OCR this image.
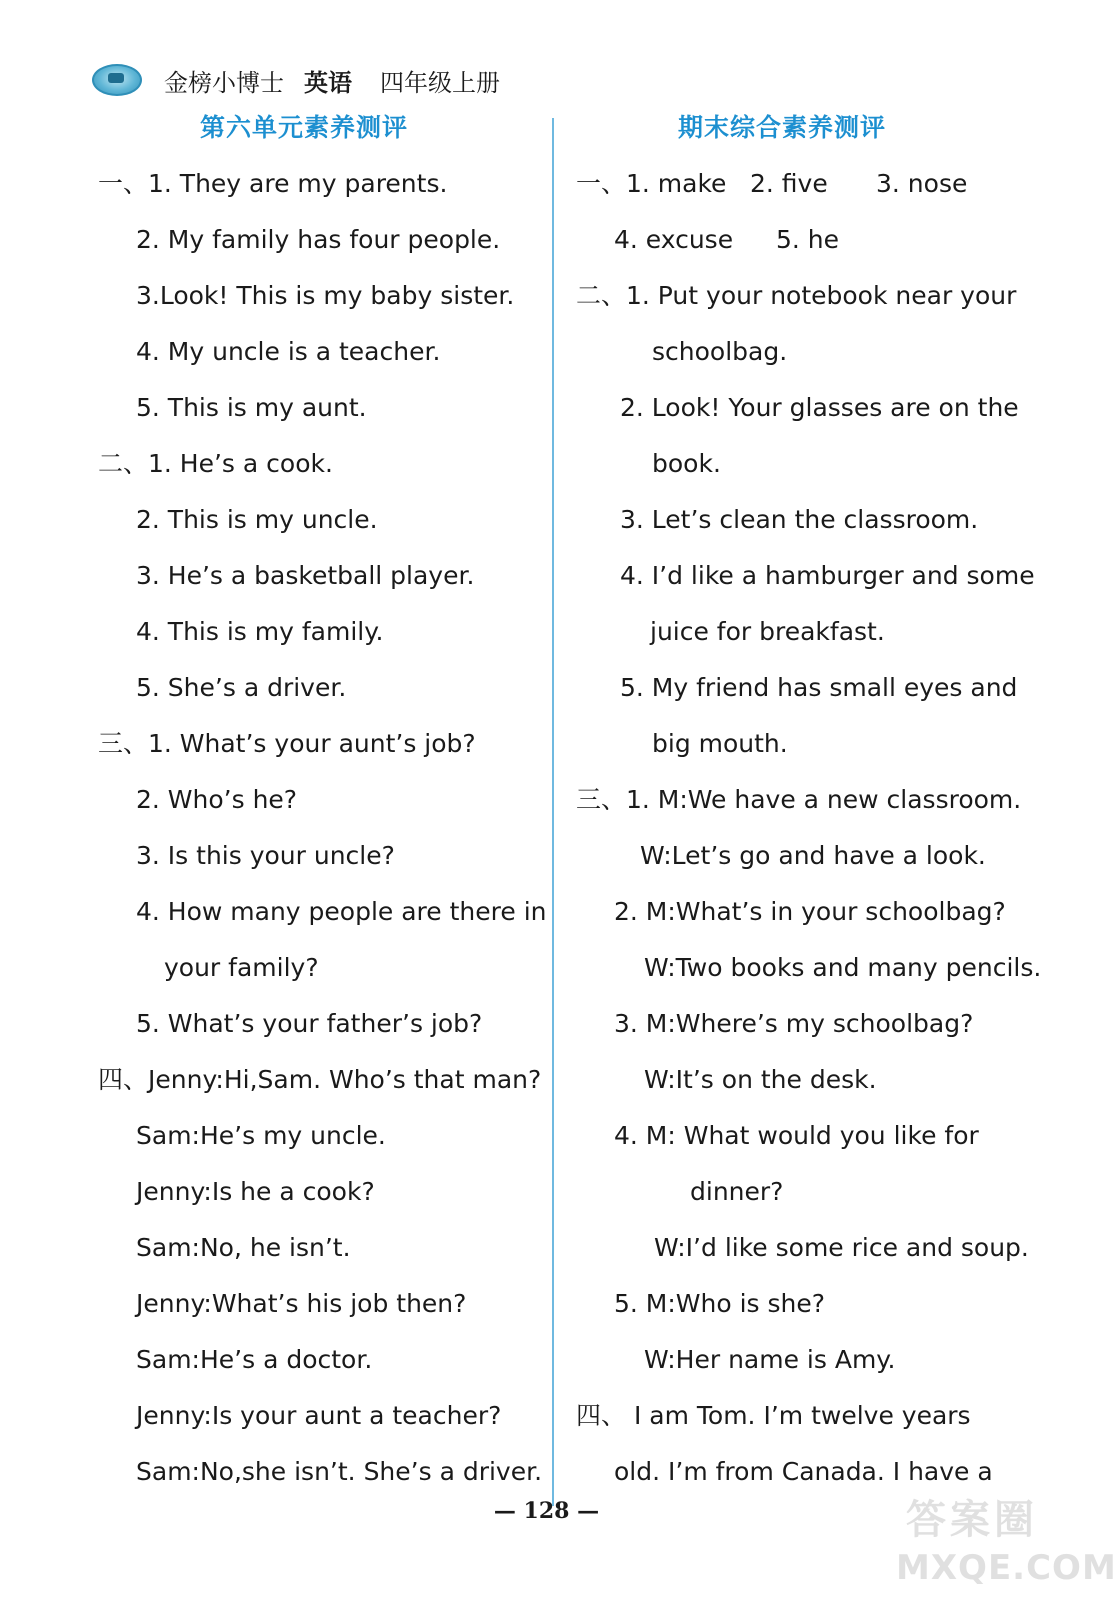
金榜小博士 英语 四年级上册
第六单元素养测评	期末综合素养测评
一、1. They are my parents.
2. My family has four people.
3.Look! This is my baby sister.
4. My uncle is a teacher.
5. This is my aunt.
二、1. He’s a cook.
2. This is my uncle.
3. He’s a basketball player.
4. This is my family.
5. She’s a driver.
三、1. What’s your aunt’s job?
2. Who’s he?
3. Is this your uncle?
4. How many people are there in
your family?
5. What’s your father’s job?
四、Jenny:Hi,Sam. Who’s that man?
Sam:He’s my uncle.
Jenny:Is he a cook?
Sam:No, he isn’t.
Jenny:What’s his job then?
Sam:He’s a doctor.
Jenny:Is your aunt a teacher?
Sam:No,she isn’t. She’s a driver.
一、1. make 2. five 3. nose
4. excuse 5. he
二、1. Put your notebook near your
schoolbag.
2. Look! Your glasses are on the
book.
3. Let’s clean the classroom.
4. I’d like a hamburger and some
juice for breakfast.
5. My friend has small eyes and
big mouth.
三、1. M:We have a new classroom.
W:Let’s go and have a look.
2. M:What’s in your schoolbag?
W:Two books and many pencils.
3. M:Where’s my schoolbag?
W:It’s on the desk.
4. M: What would you like for
dinner?
W:I’d like some rice and soup.
5. M:Who is she?
W:Her name is Amy.
四、 I am Tom. I’m twelve years
old. I’m from Canada. I have a
— 128 —	答案圈
MXQE.COM
